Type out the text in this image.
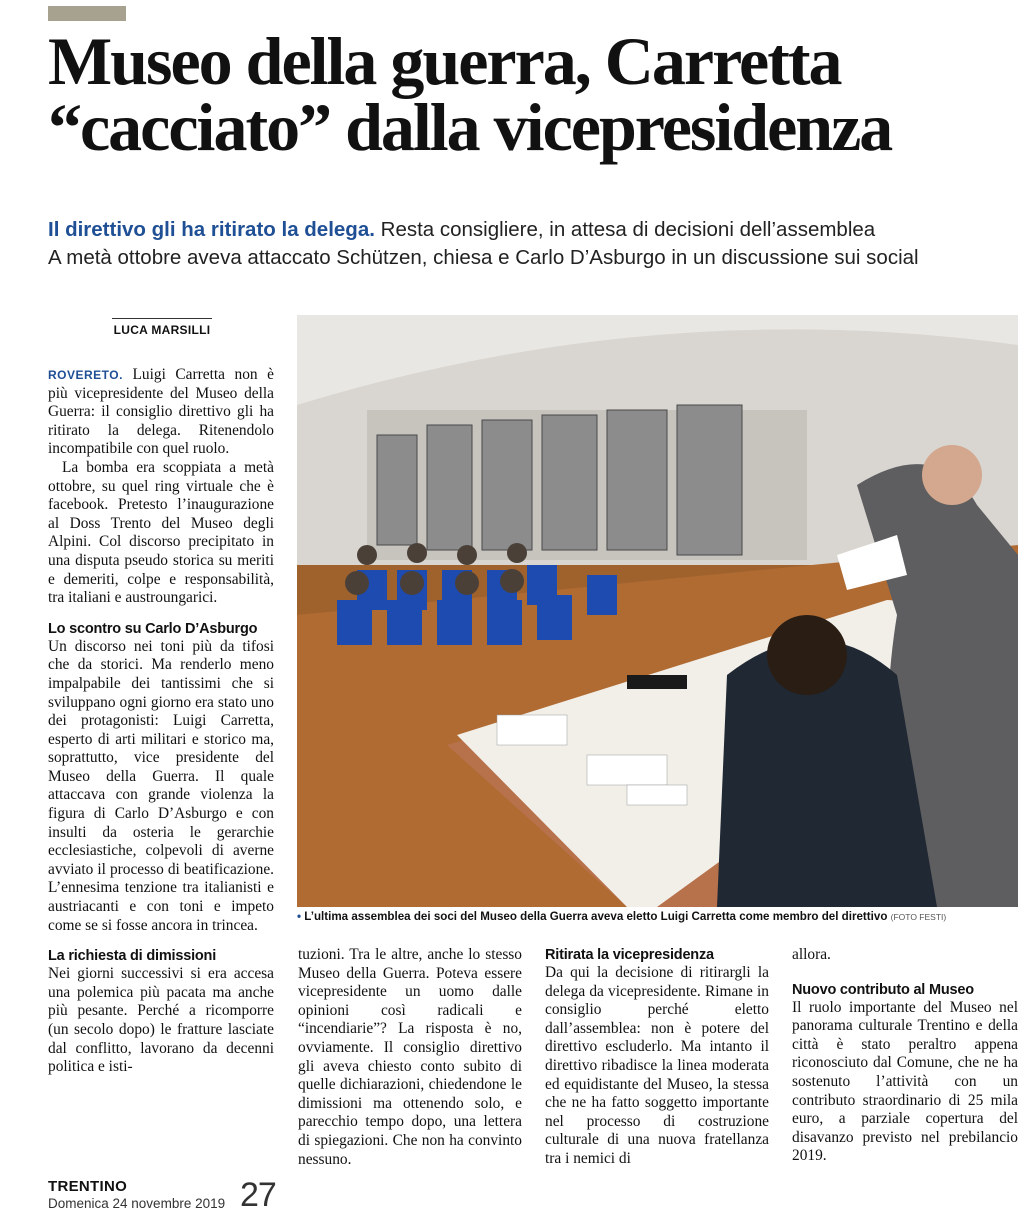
Museo della guerra, Carretta
“cacciato” dalla vicepresidenza
Il direttivo gli ha ritirato la delega. Resta consigliere, in attesa di decisioni dell’assemblea
A metà ottobre aveva attaccato Schützen, chiesa e Carlo D’Asburgo in un discussione sui social
LUCA MARSILLI

ROVERETO. Luigi Carretta non è più vicepresidente del Museo della Guerra: il consiglio direttivo gli ha ritirato la delega. Ritenendolo incompatibile con quel ruolo.

La bomba era scoppiata a metà ottobre, su quel ring virtuale che è facebook. Pretesto l’inaugurazione al Doss Trento del Museo degli Alpini. Col discorso precipitato in una disputa pseudo storica su meriti e demeriti, colpe e responsabilità, tra italiani e austroungarici.

Lo scontro su Carlo D’Asburgo

Un discorso nei toni più da tifosi che da storici. Ma renderlo meno impalpabile dei tantissimi che si sviluppano ogni giorno era stato uno dei protagonisti: Luigi Carretta, esperto di arti militari e storico ma, soprattutto, vice presidente del Museo della Guerra. Il quale attaccava con grande violenza la figura di Carlo D’Asburgo e con insulti da osteria le gerarchie ecclesiastiche, colpevoli di averne avviato il processo di beatificazione. L’ennesima tenzione tra italianisti e austriacanti e con toni e impeto come se si fosse ancora in trincea.

La richiesta di dimissioni

Nei giorni successivi si era accesa una polemica più pacata ma anche più pesante. Perché a ricomporre (un secolo dopo) le fratture lasciate dal conflitto, lavorano da decenni politica e isti-

• L’ultima assemblea dei soci del Museo della Guerra aveva eletto Luigi Carretta come membro del direttivo (FOTO FESTI)

tuzioni. Tra le altre, anche lo stesso Museo della Guerra. Poteva essere vicepresidente un uomo dalle opinioni così radicali e “incendiarie”? La risposta è no, ovviamente. Il consiglio direttivo gli aveva chiesto conto subito di quelle dichiarazioni, chiedendone le dimissioni ma ottenendo solo, e parecchio tempo dopo, una lettera di spiegazioni. Che non ha convinto nessuno.

Ritirata la vicepresidenza

Da qui la decisione di ritirargli la delega da vicepresidente. Rimane in consiglio perché eletto dall’assemblea: non è potere del direttivo escluderlo. Ma intanto il direttivo ribadisce la linea moderata ed equidistante del Museo, la stessa che ne ha fatto soggetto importante nel processo di costruzione culturale di una nuova fratellanza tra i nemici di

allora.

Nuovo contributo al Museo

Il ruolo importante del Museo nel panorama culturale Trentino e della città è stato peraltro appena riconosciuto dal Comune, che ne ha sostenuto l’attività con un contributo straordinario di 25 mila euro, a parziale copertura del disavanzo previsto nel prebilancio 2019.

TRENTINO
Domenica 24 novembre 2019 27
